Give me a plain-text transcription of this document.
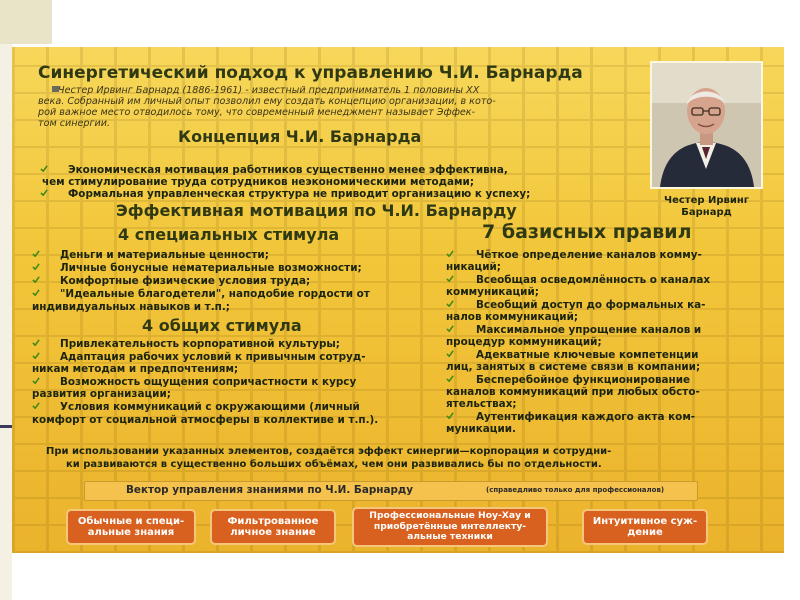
Синергетический подход к управлению Ч.И. Барнарда

Честер Ирвинг Барнард (1886-1961) - известный предприниматель 1 половины XX

века. Собранный им личный опыт позволил ему создать концепцию организации, в кото-

рой важное место отводилось тому, что современный менеджмент называет Эффек-

том синергии.

Честер Ирвинг

Барнард

Концепция Ч.И. Барнарда

Экономическая мотивация работников существенно менее эффективна,

чем стимулирование труда сотрудников неэкономическими методами;

Формальная управленческая структура не приводит организацию к успеху;

Эффективная мотивация по Ч.И. Барнарду

4 специальных стимула	7 базисных правил

Деньги и материальные ценности;

Личные бонусные нематериальные возможности;

Комфортные физические условия труда;

"Идеальные благодетели", наподобие гордости от

индивидуальных навыков и т.п.;

4 общих стимула

Привлекательность корпоративной культуры;

Адаптация рабочих условий к привычным сотруд-

никам методам и предпочтениям;

Возможность ощущения сопричастности к курсу

развития организации;

Условия коммуникаций с окружающими (личный

комфорт от социальной атмосферы в коллективе и т.п.).

Чёткое определение каналов комму-

никаций;

Всеобщая осведомлённость о каналах

коммуникаций;

Всеобщий доступ до формальных ка-

налов коммуникаций;

Максимальное упрощение каналов и

процедур коммуникаций;

Адекватные ключевые компетенции

лиц, занятых в системе связи в компании;

Бесперебойное функционирование

каналов коммуникаций при любых обсто-

ятельствах;

Аутентификация каждого акта ком-

муникации.

При использовании указанных элементов, создаётся эффект синергии—корпорация и сотрудни-

ки развиваются в существенно больших объёмах, чем они развивались бы по отдельности.

Вектор управления знаниями по Ч.И. Барнарду	(справедливо только для профессионалов)

Обычные и специ-
альные знания
Фильтрованное
личное знание
Профессиональные Ноу-Хау и
приобретённые интеллекту-
альные техники
Интуитивное суж-
дение
